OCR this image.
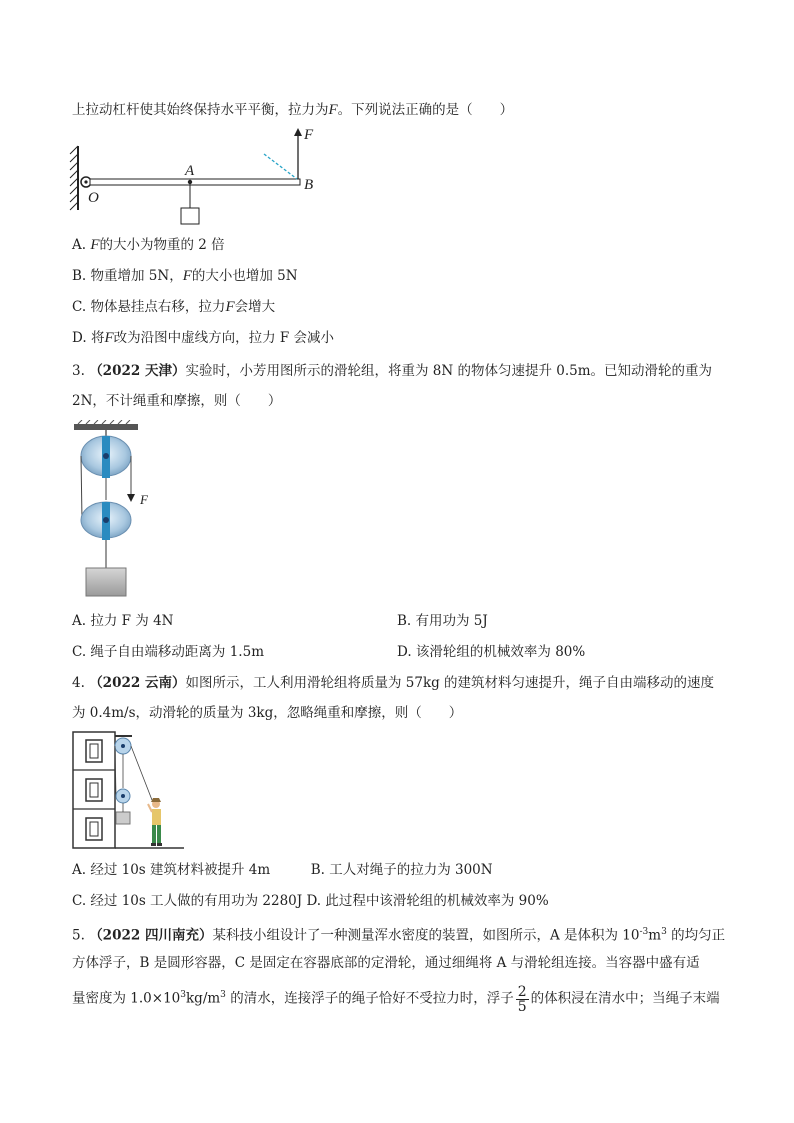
上拉动杠杆使其始终保持水平平衡，拉力为F。下列说法正确的是（　　）
O
A
B
F
A. F的大小为物重的 2 倍
B. 物重增加 5N，F的大小也增加 5N
C. 物体悬挂点右移，拉力F会增大
D. 将F改为沿图中虚线方向，拉力 F 会减小
3. （2022 天津）实验时，小芳用图所示的滑轮组，将重为 8N 的物体匀速提升 0.5m。已知动滑轮的重为
2N，不计绳重和摩擦，则（　　）
F
A. 拉力 F 为 4N	B. 有用功为 5J
C. 绳子自由端移动距离为 1.5m	D. 该滑轮组的机械效率为 80%
4. （2022 云南）如图所示，工人利用滑轮组将质量为 57kg 的建筑材料匀速提升，绳子自由端移动的速度
为 0.4m/s，动滑轮的质量为 3kg，忽略绳重和摩擦，则（　　）
A. 经过 10s 建筑材料被提升 4m　　　B. 工人对绳子的拉力为 300N
C. 经过 10s 工人做的有用功为 2280J D. 此过程中该滑轮组的机械效率为 90%
5. （2022 四川南充）某科技小组设计了一种测量浑水密度的装置，如图所示，A 是体积为 $10^{-3}m^3$ 的均匀正
方体浮子，B 是圆形容器，C 是固定在容器底部的定滑轮，通过细绳将 A 与滑轮组连接。当容器中盛有适
量密度为 $1.0\times 10^3kg/m^3$ 的清水，连接浮子的绳子恰好不受拉力时，浮子 $\frac{2}{5}$ 的体积浸在清水中；当绳子末端
